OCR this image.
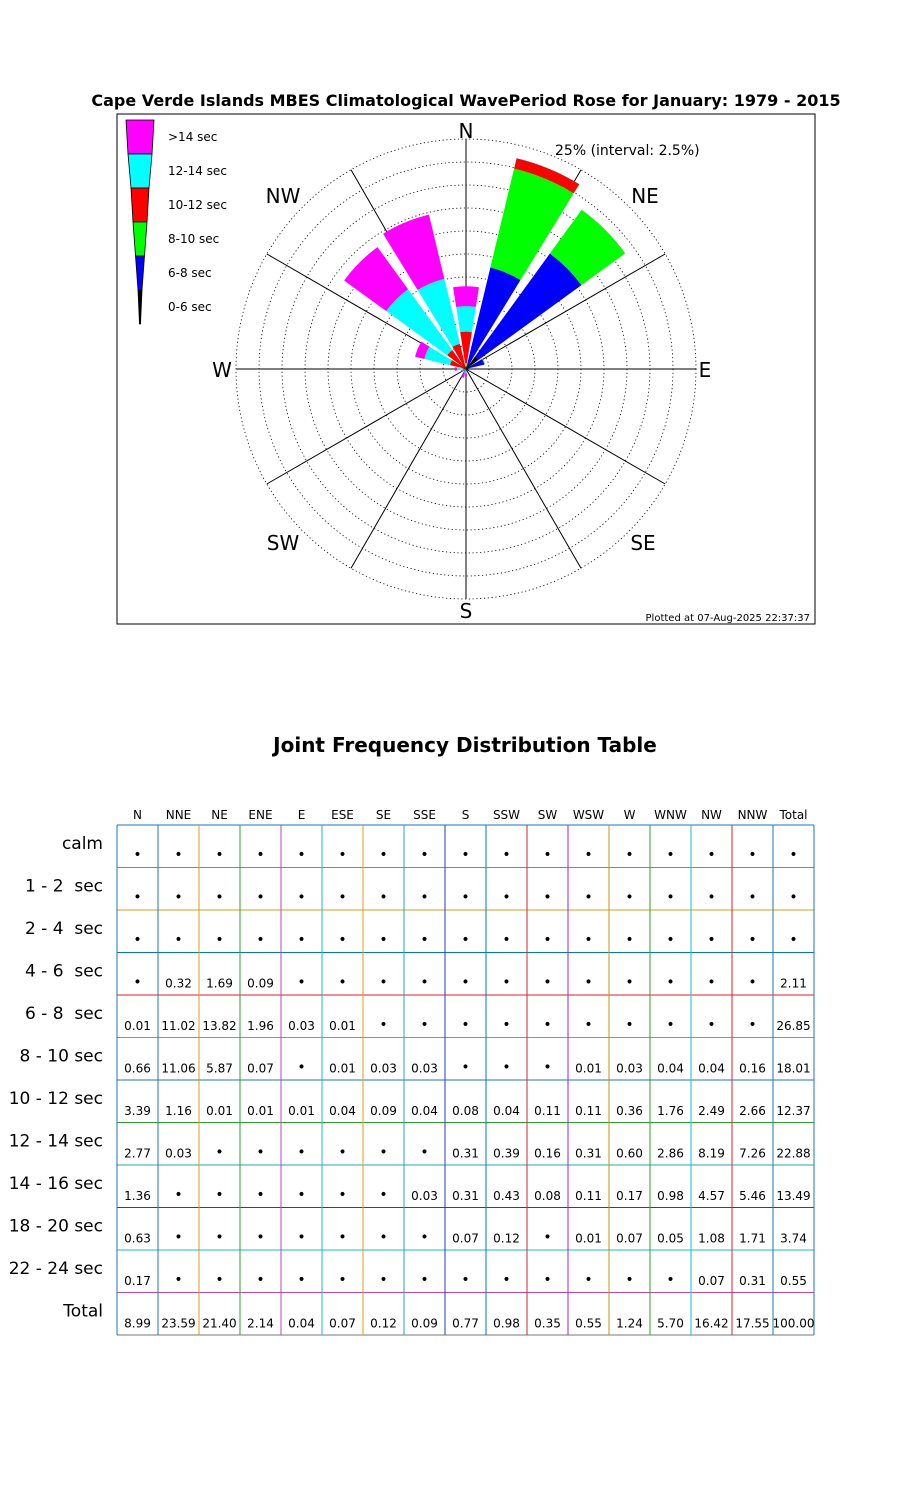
Cape Verde Islands MBES Climatological WavePeriod Rose for January: 1979 - 2015
>14 sec
12-14 sec
10-12 sec
8-10 sec
6-8 sec
0-6 sec
N
S
E
W
NE
NW
SE
SW
25% (interval: 2.5%)
Plotted at 07-Aug-2025 22:37:37
Joint Frequency Distribution Table
N NNE NE ENE E ESE SE SSE S SSW SW WSW W WNW NW NNW Total
calm
• • • • • • • • • • • • • • • • •
1 - 2  sec
• • • • • • • • • • • • • • • • •
2 - 4  sec
• • • • • • • • • • • • • • • • •
4 - 6  sec
• 0.32 1.69 0.09 • • • • • • • • • • • • 2.11
6 - 8  sec
0.01 11.02 13.82 1.96 0.03 0.01 • • • • • • • • • • 26.85
8 - 10 sec
0.66 11.06 5.87 0.07 • 0.01 0.03 0.03 • • • 0.01 0.03 0.04 0.04 0.16 18.01
10 - 12 sec
3.39 1.16 0.01 0.01 0.01 0.04 0.09 0.04 0.08 0.04 0.11 0.11 0.36 1.76 2.49 2.66 12.37
12 - 14 sec
2.77 0.03 • • • • • • 0.31 0.39 0.16 0.31 0.60 2.86 8.19 7.26 22.88
14 - 16 sec
1.36 • • • • • • 0.03 0.31 0.43 0.08 0.11 0.17 0.98 4.57 5.46 13.49
18 - 20 sec
0.63 • • • • • • • 0.07 0.12 • 0.01 0.07 0.05 1.08 1.71 3.74
22 - 24 sec
0.17 • • • • • • • • • • • • • 0.07 0.31 0.55
Total
8.99 23.59 21.40 2.14 0.04 0.07 0.12 0.09 0.77 0.98 0.35 0.55 1.24 5.70 16.42 17.55 100.00
